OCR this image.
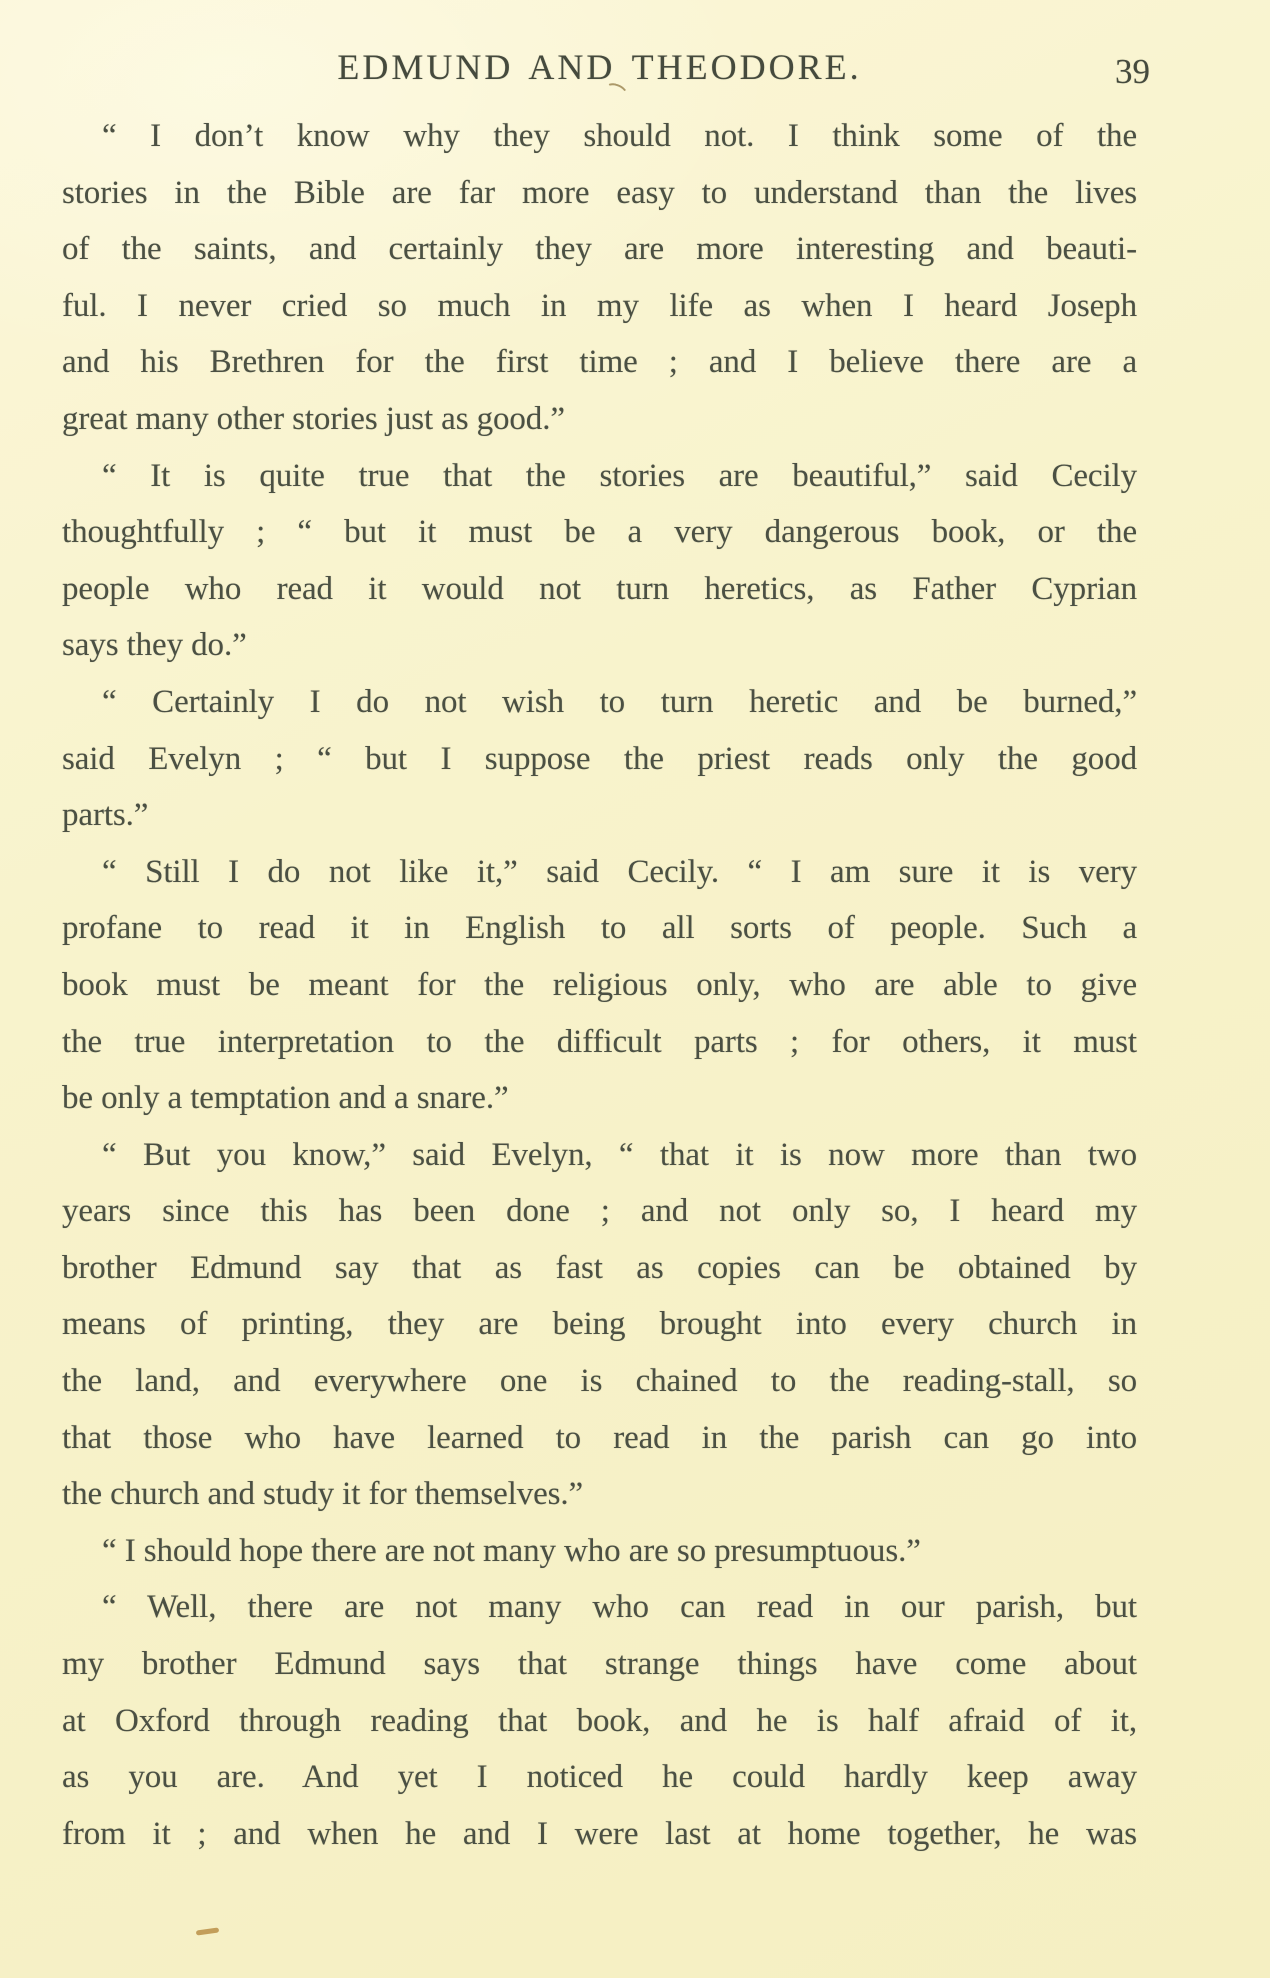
EDMUND AND THEODORE.	39
“ I don’t know why they should not. I think some of the
stories in the Bible are far more easy to understand than the lives
of the saints, and certainly they are more interesting and beauti-
ful. I never cried so much in my life as when I heard Joseph
and his Brethren for the first time ; and I believe there are a
great many other stories just as good.”
“ It is quite true that the stories are beautiful,” said Cecily
thoughtfully ; “ but it must be a very dangerous book, or the
people who read it would not turn heretics, as Father Cyprian
says they do.”
“ Certainly I do not wish to turn heretic and be burned,”
said Evelyn ; “ but I suppose the priest reads only the good
parts.”
“ Still I do not like it,” said Cecily. “ I am sure it is very
profane to read it in English to all sorts of people. Such a
book must be meant for the religious only, who are able to give
the true interpretation to the difficult parts ; for others, it must
be only a temptation and a snare.”
“ But you know,” said Evelyn, “ that it is now more than two
years since this has been done ; and not only so, I heard my
brother Edmund say that as fast as copies can be obtained by
means of printing, they are being brought into every church in
the land, and everywhere one is chained to the reading-stall, so
that those who have learned to read in the parish can go into
the church and study it for themselves.”
“ I should hope there are not many who are so presumptuous.”
“ Well, there are not many who can read in our parish, but
my brother Edmund says that strange things have come about
at Oxford through reading that book, and he is half afraid of it,
as you are. And yet I noticed he could hardly keep away
from it ; and when he and I were last at home together, he was
